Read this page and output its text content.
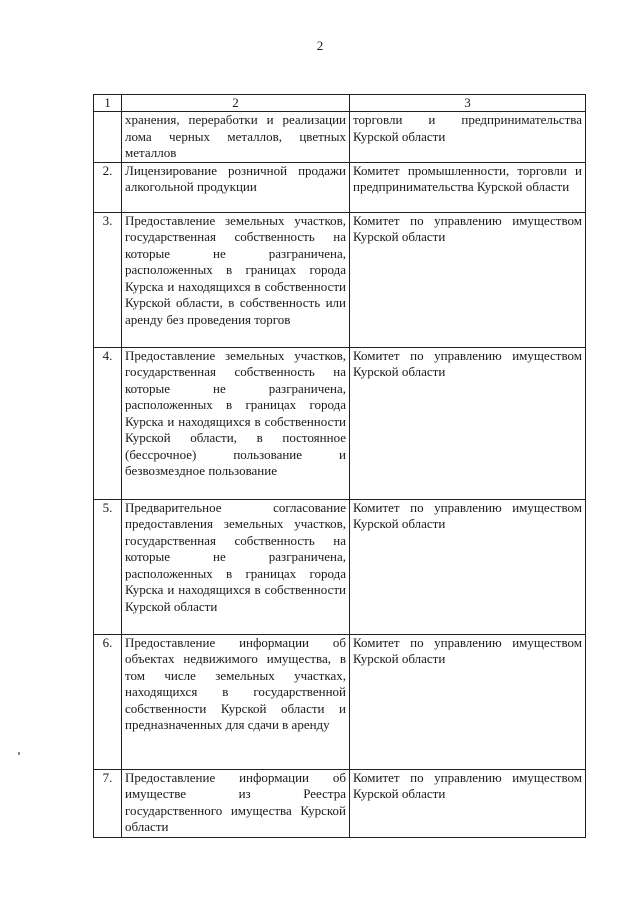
2
1	2	3
	хранения, переработки и реализации лома черных металлов, цветных металлов	торговли и предпринимательства Курской области
2.	Лицензирование розничной продажи алкогольной продукции	Комитет промышленности, торговли и предпринимательства Курской области
3.	Предоставление земельных участков, государственная собственность на которые не разграничена, расположенных в границах города Курска и находящихся в собственности Курской области, в собственность или аренду без проведения торгов	Комитет по управлению имуществом Курской области
4.	Предоставление земельных участков, государственная собственность на которые не разграничена, расположенных в границах города Курска и находящихся в собственности Курской области, в постоянное (бессрочное) пользование и безвозмездное пользование	Комитет по управлению имуществом Курской области
5.	Предварительное согласование предоставления земельных участков, государственная собственность на которые не разграничена, расположенных в границах города Курска и находящихся в собственности Курской области	Комитет по управлению имуществом Курской области
6.	Предоставление информации об объектах недвижимого имущества, в том числе земельных участках, находящихся в государственной собственности Курской области и предназначенных для сдачи в аренду	Комитет по управлению имуществом Курской области
7.	Предоставление информации об имуществе из Реестра государственного имущества Курской области	Комитет по управлению имуществом Курской области
